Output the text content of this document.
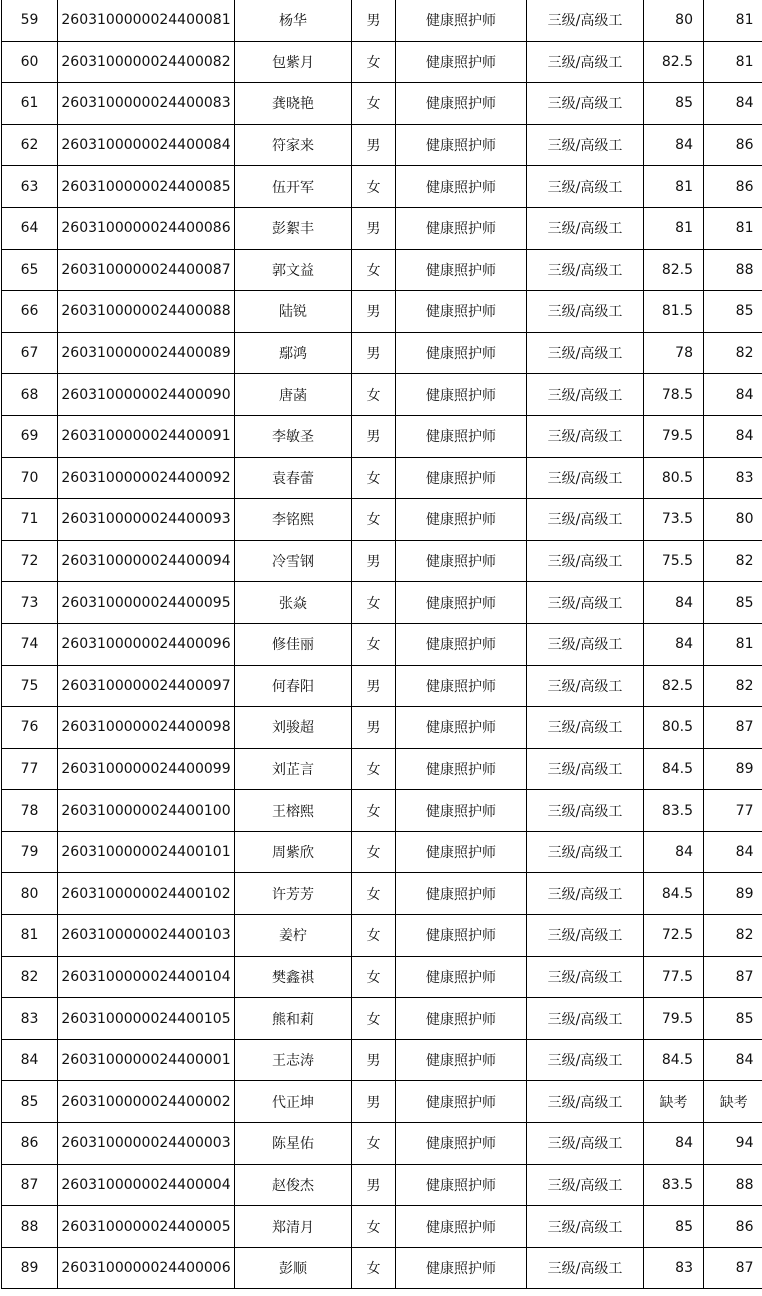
59	2603100000024400081	杨华	男	健康照护师	三级/高级工	80	81
60	2603100000024400082	包紫月	女	健康照护师	三级/高级工	82.5	81
61	2603100000024400083	龚晓艳	女	健康照护师	三级/高级工	85	84
62	2603100000024400084	符家来	男	健康照护师	三级/高级工	84	86
63	2603100000024400085	伍开军	女	健康照护师	三级/高级工	81	86
64	2603100000024400086	彭絮丰	男	健康照护师	三级/高级工	81	81
65	2603100000024400087	郭文益	女	健康照护师	三级/高级工	82.5	88
66	2603100000024400088	陆锐	男	健康照护师	三级/高级工	81.5	85
67	2603100000024400089	鄢鸿	男	健康照护师	三级/高级工	78	82
68	2603100000024400090	唐菡	女	健康照护师	三级/高级工	78.5	84
69	2603100000024400091	李敏圣	男	健康照护师	三级/高级工	79.5	84
70	2603100000024400092	袁春蕾	女	健康照护师	三级/高级工	80.5	83
71	2603100000024400093	李铭熙	女	健康照护师	三级/高级工	73.5	80
72	2603100000024400094	冷雪钢	男	健康照护师	三级/高级工	75.5	82
73	2603100000024400095	张焱	女	健康照护师	三级/高级工	84	85
74	2603100000024400096	修佳丽	女	健康照护师	三级/高级工	84	81
75	2603100000024400097	何春阳	男	健康照护师	三级/高级工	82.5	82
76	2603100000024400098	刘骏超	男	健康照护师	三级/高级工	80.5	87
77	2603100000024400099	刘芷言	女	健康照护师	三级/高级工	84.5	89
78	2603100000024400100	王榕熙	女	健康照护师	三级/高级工	83.5	77
79	2603100000024400101	周紫欣	女	健康照护师	三级/高级工	84	84
80	2603100000024400102	许芳芳	女	健康照护师	三级/高级工	84.5	89
81	2603100000024400103	姜柠	女	健康照护师	三级/高级工	72.5	82
82	2603100000024400104	樊鑫祺	女	健康照护师	三级/高级工	77.5	87
83	2603100000024400105	熊和莉	女	健康照护师	三级/高级工	79.5	85
84	2603100000024400001	王志涛	男	健康照护师	三级/高级工	84.5	84
85	2603100000024400002	代正坤	男	健康照护师	三级/高级工	缺考	缺考
86	2603100000024400003	陈星佑	女	健康照护师	三级/高级工	84	94
87	2603100000024400004	赵俊杰	男	健康照护师	三级/高级工	83.5	88
88	2603100000024400005	郑清月	女	健康照护师	三级/高级工	85	86
89	2603100000024400006	彭顺	女	健康照护师	三级/高级工	83	87
